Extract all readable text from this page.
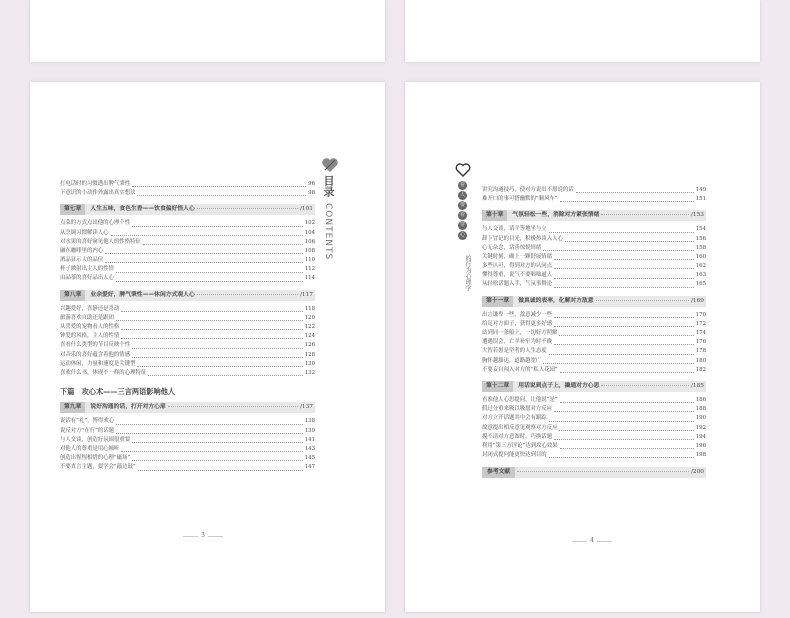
目录
CONTENTS
看
人
要
看
穿
心
的行为心理学
打电话时的习惯透出脾气秉性	96
下意识的小动作外露出真实想法	98
第七章	人生五味，食色生香——饮食偏好悟人心	/101
点菜的方式点出他的心理个性	102
从烹调习惯解读人心	104
对水果的喜好窥见他人的性格特征	106
融在咖啡里的内心	108
酒品显示人的品位	110
杯子映射出主人的性情	112
由品茶的喜好品出人心	114
第八章	业余爱好，脾气秉性——休闲方式观人心	/117
兴趣爱好，喜静还是喜动	118
旅游喜欢自助还是跟团	120
从喜爱的宠物看人的性格	122
钟爱的风格，主人的性情	124
喜看什么类型的节目反映个性	126
对音乐的喜好蕴含着他的情感	128
运动休闲，力量和速度是关键型	130
喜欢什么书，体现不一样的心理特征	132
下篇　攻心术——三言两语影响他人
第九章	说好沟通的话，打开对方心扉	/137
说话有“礼”，博得欢心	138
说反对方“在行”的话题	139
与人交谈，创造好氛围很重要	141
对他人的尊重是用心倾听	143
创造出惺惺相惜的心理“磁场”	145
不要直言主题，要学会“敲边鼓”	147
3
讲究沟通技巧，使对方说出不愿说的话	149
难开口的事可搭幽默的“顺风车”	151
第十章	气氛轻松一些，消除对方紧张情绪	/153
与人交谈，请平等地坐与立	154
卸下冒记的目光，积极热谈入人心	156
心无杂念，话善惊悦情绪	158
关键时刻，确上一颗舒展情绪	160
多些认可，得到对方的认同点	162
懂得尊重，说气不要咄咄逼人	163
从轻松话题入手，气氛事舞论	165
第十一章	做真诚的表率，化解对方敌意	/169
出言谦卑一些，敌意减少一些	170
给足对方面子，获得更多好感	172
站到同一条船上，一切好方照解	174
遭遇误会，亡羊补牢为时不晚	176
大智若愚是坚者的人生态度	178
胸怀越豁达，道路越宽广	180
不要妄自闯入对方的“私人花园”	182
第十二章	用话说到点子上，撬通对方心思	/185
看准他人心思提问，让他说“是”	186
假过分重来吸以吸愿对方反应	188
对方立开话题其中会有跟踪	190
故意提出相反意见观察对方反应	192
摸不清对方意图时，巧换话题	194
利用“第三方评论”达到攻心效果	196
封闭式提问能更快达到目的	198
参考文献	/200
4
